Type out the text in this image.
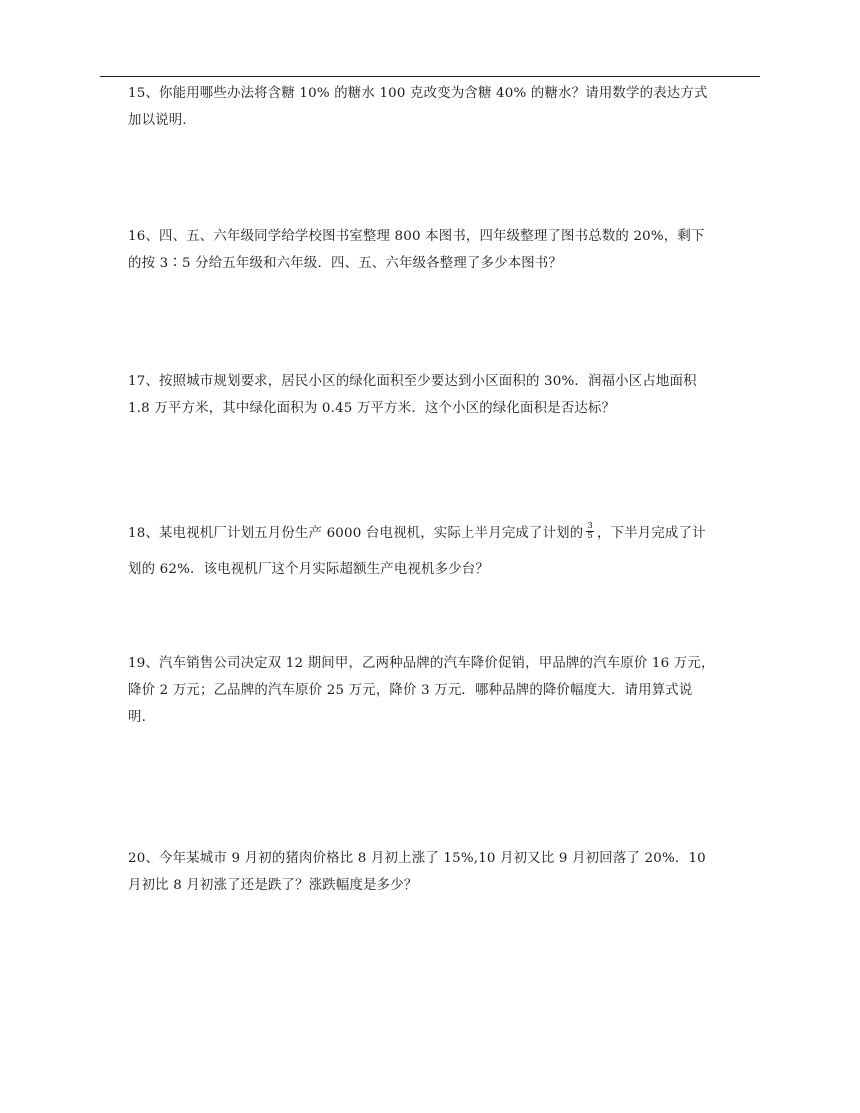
15、你能用哪些办法将含糖 10% 的糖水 100 克改变为含糖 40% 的糖水？请用数学的表达方式

加以说明.

16、四、五、六年级同学给学校图书室整理 800 本图书，四年级整理了图书总数的 20%，剩下

的按 3∶5 分给五年级和六年级．四、五、六年级各整理了多少本图书？

17、按照城市规划要求，居民小区的绿化面积至少要达到小区面积的 30%．润福小区占地面积

1.8 万平方米，其中绿化面积为 0.45 万平方米．这个小区的绿化面积是否达标？

18、某电视机厂计划五月份生产 6000 台电视机，实际上半月完成了计划的 $\frac{3}{5}$ ，下半月完成了计

划的 62%．该电视机厂这个月实际超额生产电视机多少台？

19、汽车销售公司决定双 12 期间甲，乙两种品牌的汽车降价促销，甲品牌的汽车原价 16 万元，

降价 2 万元；乙品牌的汽车原价 25 万元，降价 3 万元．哪种品牌的降价幅度大．请用算式说

明.

20、今年某城市 9 月初的猪肉价格比 8 月初上涨了 15%,10 月初又比 9 月初回落了 20%．10

月初比 8 月初涨了还是跌了？涨跌幅度是多少？
